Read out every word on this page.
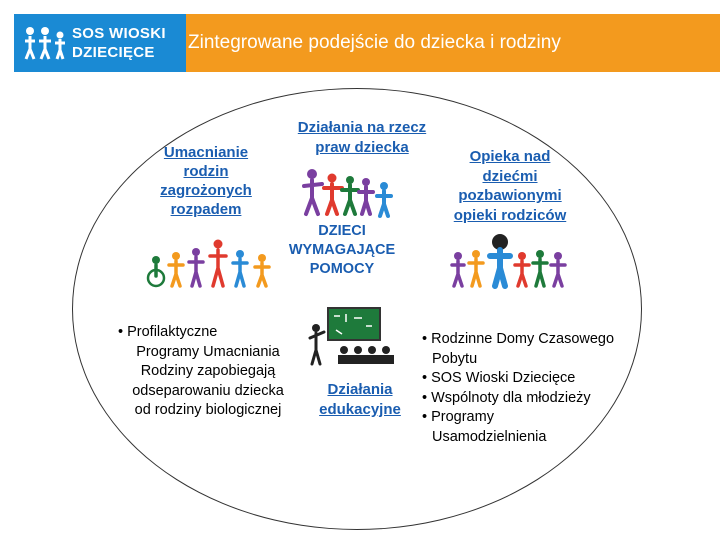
SOS WIOSKI
DZIECIĘCE Zintegrowane podejście do dziecka i rodziny
Umacnianie
rodzin
zagrożonych
rozpadem
Działania na rzecz
praw dziecka
Opieka nad
dziećmi
pozbawionymi
opieki rodziców
DZIECI
WYMAGAJĄCE
POMOCY
Działania
edukacyjne
• Profilaktyczne
Programy Umacniania
Rodziny zapobiegają
odseparowaniu dziecka
od rodziny biologicznej
• Rodzinne Domy Czasowego
Pobytu
• SOS Wioski Dziecięce
• Wspólnoty dla młodzieży
• Programy
Usamodzielnienia
